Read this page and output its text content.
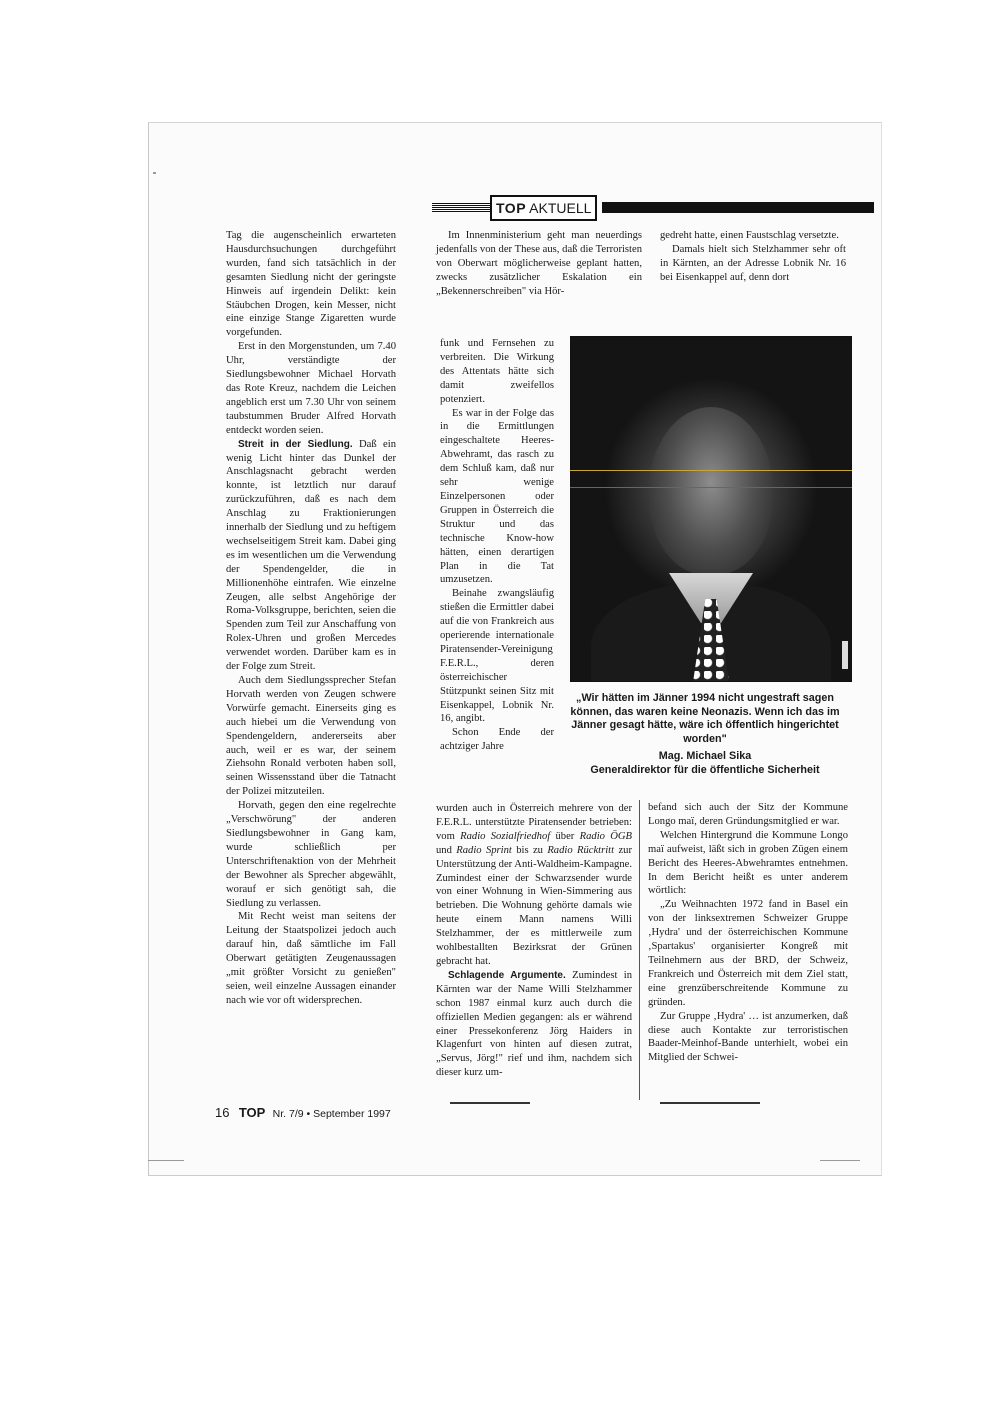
TOP AKTUELL

Tag die augenscheinlich erwarteten Hausdurchsuchungen durchgeführt wurden, fand sich tatsächlich in der gesamten Siedlung nicht der geringste Hinweis auf irgendein Delikt: kein Stäubchen Drogen, kein Messer, nicht eine einzige Stange Zigaretten wurde vorgefunden.

Erst in den Morgenstunden, um 7.40 Uhr, verständigte der Siedlungsbewohner Michael Horvath das Rote Kreuz, nachdem die Leichen angeblich erst um 7.30 Uhr von seinem taubstummen Bruder Alfred Horvath entdeckt worden seien.

Streit in der Siedlung. Daß ein wenig Licht hinter das Dunkel der Anschlagsnacht gebracht werden konnte, ist letztlich nur darauf zurückzuführen, daß es nach dem Anschlag zu Fraktionierungen innerhalb der Siedlung und zu heftigem wechselseitigem Streit kam. Dabei ging es im wesentlichen um die Verwendung der Spendengelder, die in Millionenhöhe eintrafen. Wie einzelne Zeugen, alle selbst Angehörige der Roma-Volksgruppe, berichten, seien die Spenden zum Teil zur Anschaffung von Rolex-Uhren und großen Mercedes verwendet worden. Darüber kam es in der Folge zum Streit.

Auch dem Siedlungssprecher Stefan Horvath werden von Zeugen schwere Vorwürfe gemacht. Einerseits ging es auch hiebei um die Verwendung von Spendengeldern, andererseits aber auch, weil er es war, der seinem Ziehsohn Ronald verboten haben soll, seinen Wissensstand über die Tatnacht der Polizei mitzuteilen.

Horvath, gegen den eine regelrechte „Verschwörung" der anderen Siedlungsbewohner in Gang kam, wurde schließlich per Unterschriftenaktion von der Mehrheit der Bewohner als Sprecher abgewählt, worauf er sich genötigt sah, die Siedlung zu verlassen.

Mit Recht weist man seitens der Leitung der Staatspolizei jedoch auch darauf hin, daß sämtliche im Fall Oberwart getätigten Zeugenaussagen „mit größter Vorsicht zu genießen" seien, weil einzelne Aussagen einander nach wie vor oft widersprechen.

Im Innenministerium geht man neuerdings jedenfalls von der These aus, daß die Terroristen von Oberwart möglicherweise geplant hatten, zwecks zusätzlicher Eskalation ein „Bekennerschreiben" via Hör-

funk und Fernsehen zu verbreiten. Die Wirkung des Attentats hätte sich damit zweifellos potenziert.

Es war in der Folge das in die Ermittlungen eingeschaltete Heeres-Abwehramt, das rasch zu dem Schluß kam, daß nur sehr wenige Einzelpersonen oder Gruppen in Österreich die Struktur und das technische Know-how hätten, einen derartigen Plan in die Tat umzusetzen.

Beinahe zwangsläufig stießen die Ermittler dabei auf die von Frankreich aus operierende internationale Piratensender-Vereinigung F.E.R.L., deren österreichischer Stützpunkt seinen Sitz mit Eisenkappel, Lobnik Nr. 16, angibt.

Schon Ende der achtziger Jahre

wurden auch in Österreich mehrere von der F.E.R.L. unterstützte Piratensender betrieben: vom Radio Sozialfriedhof über Radio ÖGB und Radio Sprint bis zu Radio Rücktritt zur Unterstützung der Anti-Waldheim-Kampagne. Zumindest einer der Schwarzsender wurde von einer Wohnung in Wien-Simmering aus betrieben. Die Wohnung gehörte damals wie heute einem Mann namens Willi Stelzhammer, der es mittlerweile zum wohlbestallten Bezirksrat der Grünen gebracht hat.

Schlagende Argumente. Zumindest in Kärnten war der Name Willi Stelzhammer schon 1987 einmal kurz auch durch die offiziellen Medien gegangen: als er während einer Pressekonferenz Jörg Haiders in Klagenfurt von hinten auf diesen zutrat, „Servus, Jörg!" rief und ihm, nachdem sich dieser kurz um-

gedreht hatte, einen Faustschlag versetzte.

Damals hielt sich Stelzhammer sehr oft in Kärnten, an der Adresse Lobnik Nr. 16 bei Eisenkappel auf, denn dort

„Wir hätten im Jänner 1994 nicht ungestraft sagen können, das waren keine Neonazis. Wenn ich das im Jänner gesagt hätte, wäre ich öffentlich hingerichtet worden"
Mag. Michael Sika
Generaldirektor für die öffentliche Sicherheit

befand sich auch der Sitz der Kommune Longo maï, deren Gründungsmitglied er war.

Welchen Hintergrund die Kommune Longo maï aufweist, läßt sich in groben Zügen einem Bericht des Heeres-Abwehramtes entnehmen. In dem Bericht heißt es unter anderem wörtlich:

„Zu Weihnachten 1972 fand in Basel ein von der linksextremen Schweizer Gruppe ‚Hydra' und der österreichischen Kommune ‚Spartakus' organisierter Kongreß mit Teilnehmern aus der BRD, der Schweiz, Frankreich und Österreich mit dem Ziel statt, eine grenzüberschreitende Kommune zu gründen.

Zur Gruppe ‚Hydra' … ist anzumerken, daß diese auch Kontakte zur terroristischen Baader-Meinhof-Bande unterhielt, wobei ein Mitglied der Schwei-

16 TOP Nr. 7/9 • September 1997
